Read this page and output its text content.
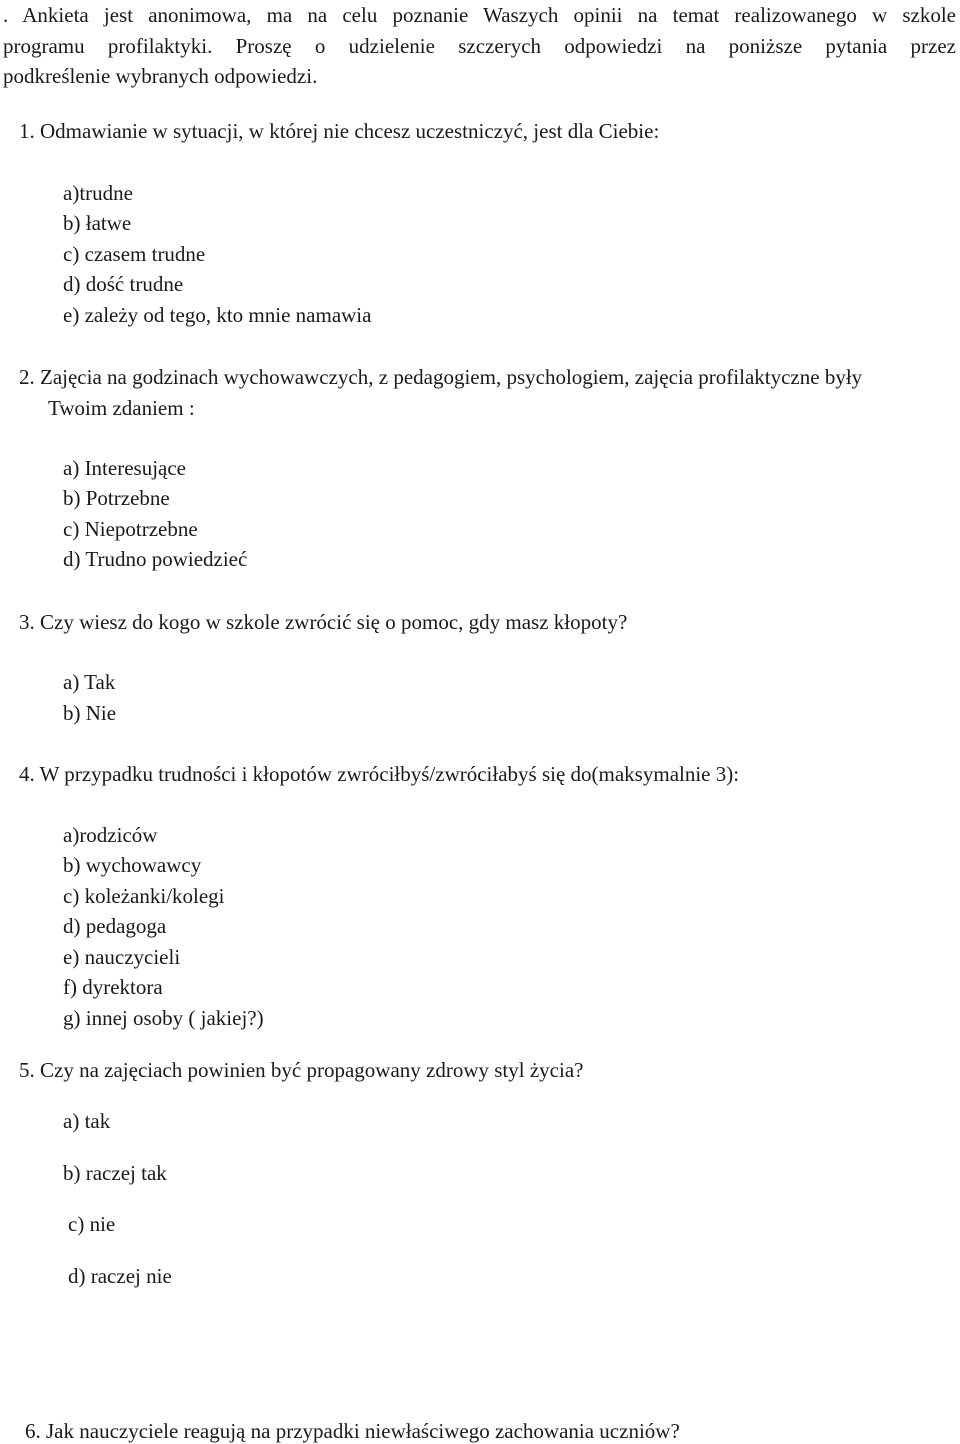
. Ankieta jest anonimowa, ma na celu poznanie Waszych opinii na temat realizowanego w szkole
programu profilaktyki. Proszę o udzielenie szczerych odpowiedzi na poniższe pytania przez
podkreślenie wybranych odpowiedzi.
1. Odmawianie w sytuacji, w której nie chcesz uczestniczyć, jest dla Ciebie:
a)trudne
b) łatwe
c) czasem trudne
d) dość trudne
e) zależy od tego, kto mnie namawia
2. Zajęcia na godzinach wychowawczych, z pedagogiem, psychologiem, zajęcia profilaktyczne były
Twoim zdaniem :
a) Interesujące
b) Potrzebne
c) Niepotrzebne
d) Trudno powiedzieć
3. Czy wiesz do kogo w szkole zwrócić się o pomoc, gdy masz kłopoty?
a) Tak
b) Nie
4. W przypadku trudności i kłopotów zwróciłbyś/zwróciłabyś się do(maksymalnie 3):
a)rodziców
b) wychowawcy
c) koleżanki/kolegi
d) pedagoga
e) nauczycieli
f) dyrektora
g) innej osoby ( jakiej?)
5. Czy na zajęciach powinien być propagowany zdrowy styl życia?
a) tak
b) raczej tak
c) nie
d) raczej nie
6. Jak nauczyciele reagują na przypadki niewłaściwego zachowania uczniów?
